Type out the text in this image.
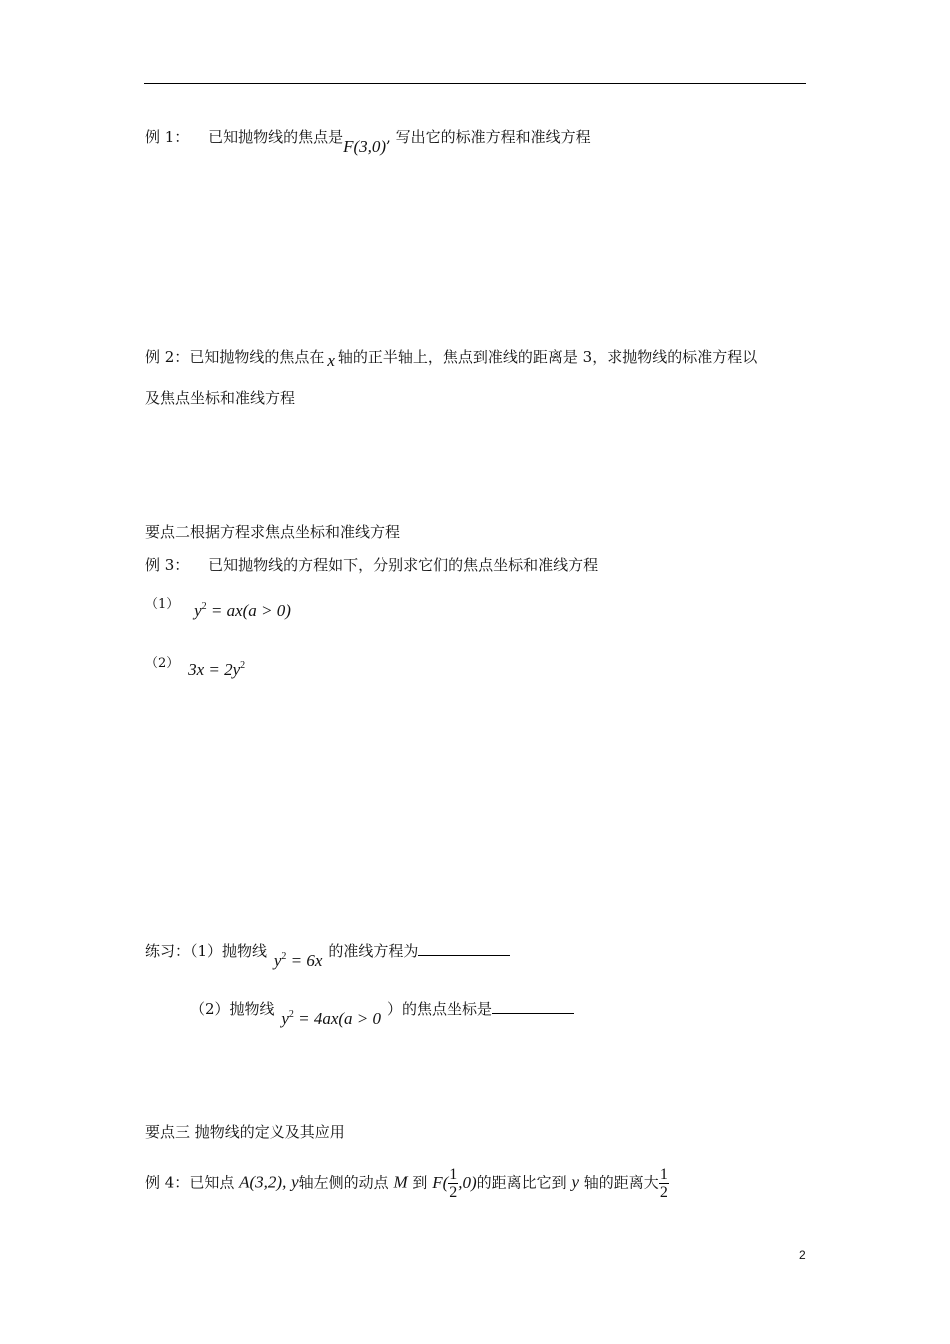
例 1： 已知抛物线的焦点是F(3,0), 写出它的标准方程和准线方程
例 2：已知抛物线的焦点在 x 轴的正半轴上，焦点到准线的距离是 3，求抛物线的标准方程以
及焦点坐标和准线方程
要点二根据方程求焦点坐标和准线方程
例 3： 已知抛物线的方程如下，分别求它们的焦点坐标和准线方程
（1） $y^2 = ax(a > 0)$
（2） $3x = 2y^2$
练习：（1）抛物线 $y^2 = 6x$ 的准线方程为
（2）抛物线 $y^2 = 4ax(a > 0$ ）的焦点坐标是
要点三 抛物线的定义及其应用
例 4：已知点 A(3,2), y轴左侧的动点 M 到 $F( \frac{1}{2} ,0)$的距离比它到 y 轴的距离大 $\frac{1}{2}$
2
